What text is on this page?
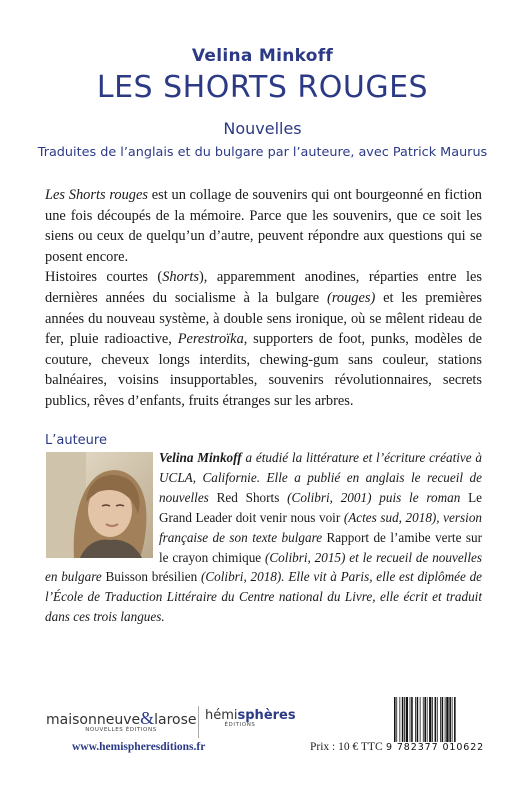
Velina Minkoff
LES SHORTS ROUGES
Nouvelles
Traduites de l’anglais et du bulgare par l’auteure, avec Patrick Maurus

Les Shorts rouges est un collage de souvenirs qui ont bourgeonné en fiction une fois découpés de la mémoire. Parce que les souvenirs, que ce soit les siens ou ceux de quelqu’un d’autre, peuvent répondre aux questions qui se posent encore.

Histoires courtes (Shorts), apparemment anodines, réparties entre les dernières années du socialisme à la bulgare (rouges) et les premières années du nouveau système, à double sens ironique, où se mêlent rideau de fer, pluie radioactive, Perestroïka, supporters de foot, punks, modèles de couture, cheveux longs interdits, chewing-gum sans couleur, stations balnéaires, voisins insupportables, souvenirs révolutionnaires, secrets publics, rêves d’enfants, fruits étranges sur les arbres.

L’auteure

Velina Minkoff a étudié la littérature et l’écriture créative à UCLA, Californie. Elle a publié en anglais le recueil de nouvelles Red Shorts (Colibri, 2001) puis le roman Le Grand Leader doit venir nous voir (Actes sud, 2018), version française de son texte bulgare Rapport de l’amibe verte sur le crayon chimique (Colibri, 2015) et le recueil de nouvelles en bulgare Buisson brésilien (Colibri, 2018). Elle vit à Paris, elle est diplômée de l’École de Traduction Littéraire du Centre national du Livre, elle écrit et traduit dans ces trois langues.

maisonneuve&larose
NOUVELLES ÉDITIONS
hémisphères
ÉDITIONS
www.hemispheresditions.fr	Prix : 10 € TTC 9 782377 010622
